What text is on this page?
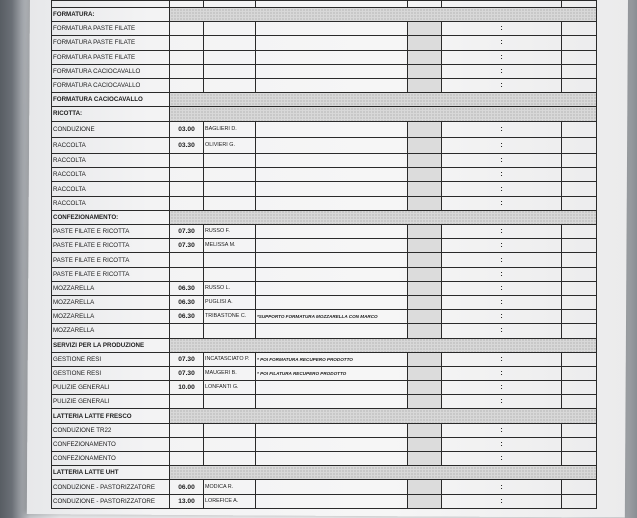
FORMATURA:						
FORMATURA PASTE FILATE					:	
FORMATURA PASTE FILATE					:	
FORMATURA PASTE FILATE					:	
FORMATURA CACIOCAVALLO					:	
FORMATURA CACIOCAVALLO					:	
FORMATURA CACIOCAVALLO						
RICOTTA:						
CONDUZIONE	03.00	BAGLIERI D.			:	
RACCOLTA	03.30	OLIVIERI G.			:	
RACCOLTA					:	
RACCOLTA					:	
RACCOLTA					:	
RACCOLTA					:	
CONFEZIONAMENTO:						
PASTE FILATE E RICOTTA	07.30	RUSSO F.			:	
PASTE FILATE E RICOTTA	07.30	MELISSA M.			:	
PASTE FILATE E RICOTTA					:	
PASTE FILATE E RICOTTA					:	
MOZZARELLA	06.30	RUSSO L.			:	
MOZZARELLA	06.30	PUGLISI A.			:	
MOZZARELLA	06.30	TRIBASTONE C.	*SUPPORTO FORMATURA MOZZARELLA CON MARCO		:	
MOZZARELLA					:	
SERVIZI PER LA PRODUZIONE						
GESTIONE RESI	07.30	INCATASCIATO P.	* POI FORMATURA RECUPERO PRODOTTO		:	
GESTIONE RESI	07.30	MAUGERI B.	* POI FILATURA RECUPERO PRODOTTO		:	
PULIZIE GENERALI	10.00	LONFANTI G.			:	
PULIZIE GENERALI					:	
LATTERIA LATTE FRESCO						
CONDUZIONE TR22					:	
CONFEZIONAMENTO					:	
CONFEZIONAMENTO					:	
LATTERIA LATTE UHT						
CONDUZIONE - PASTORIZZATORE	06.00	MODICA R.			:	
CONDUZIONE - PASTORIZZATORE	13.00	LOREFICE A.			:	
